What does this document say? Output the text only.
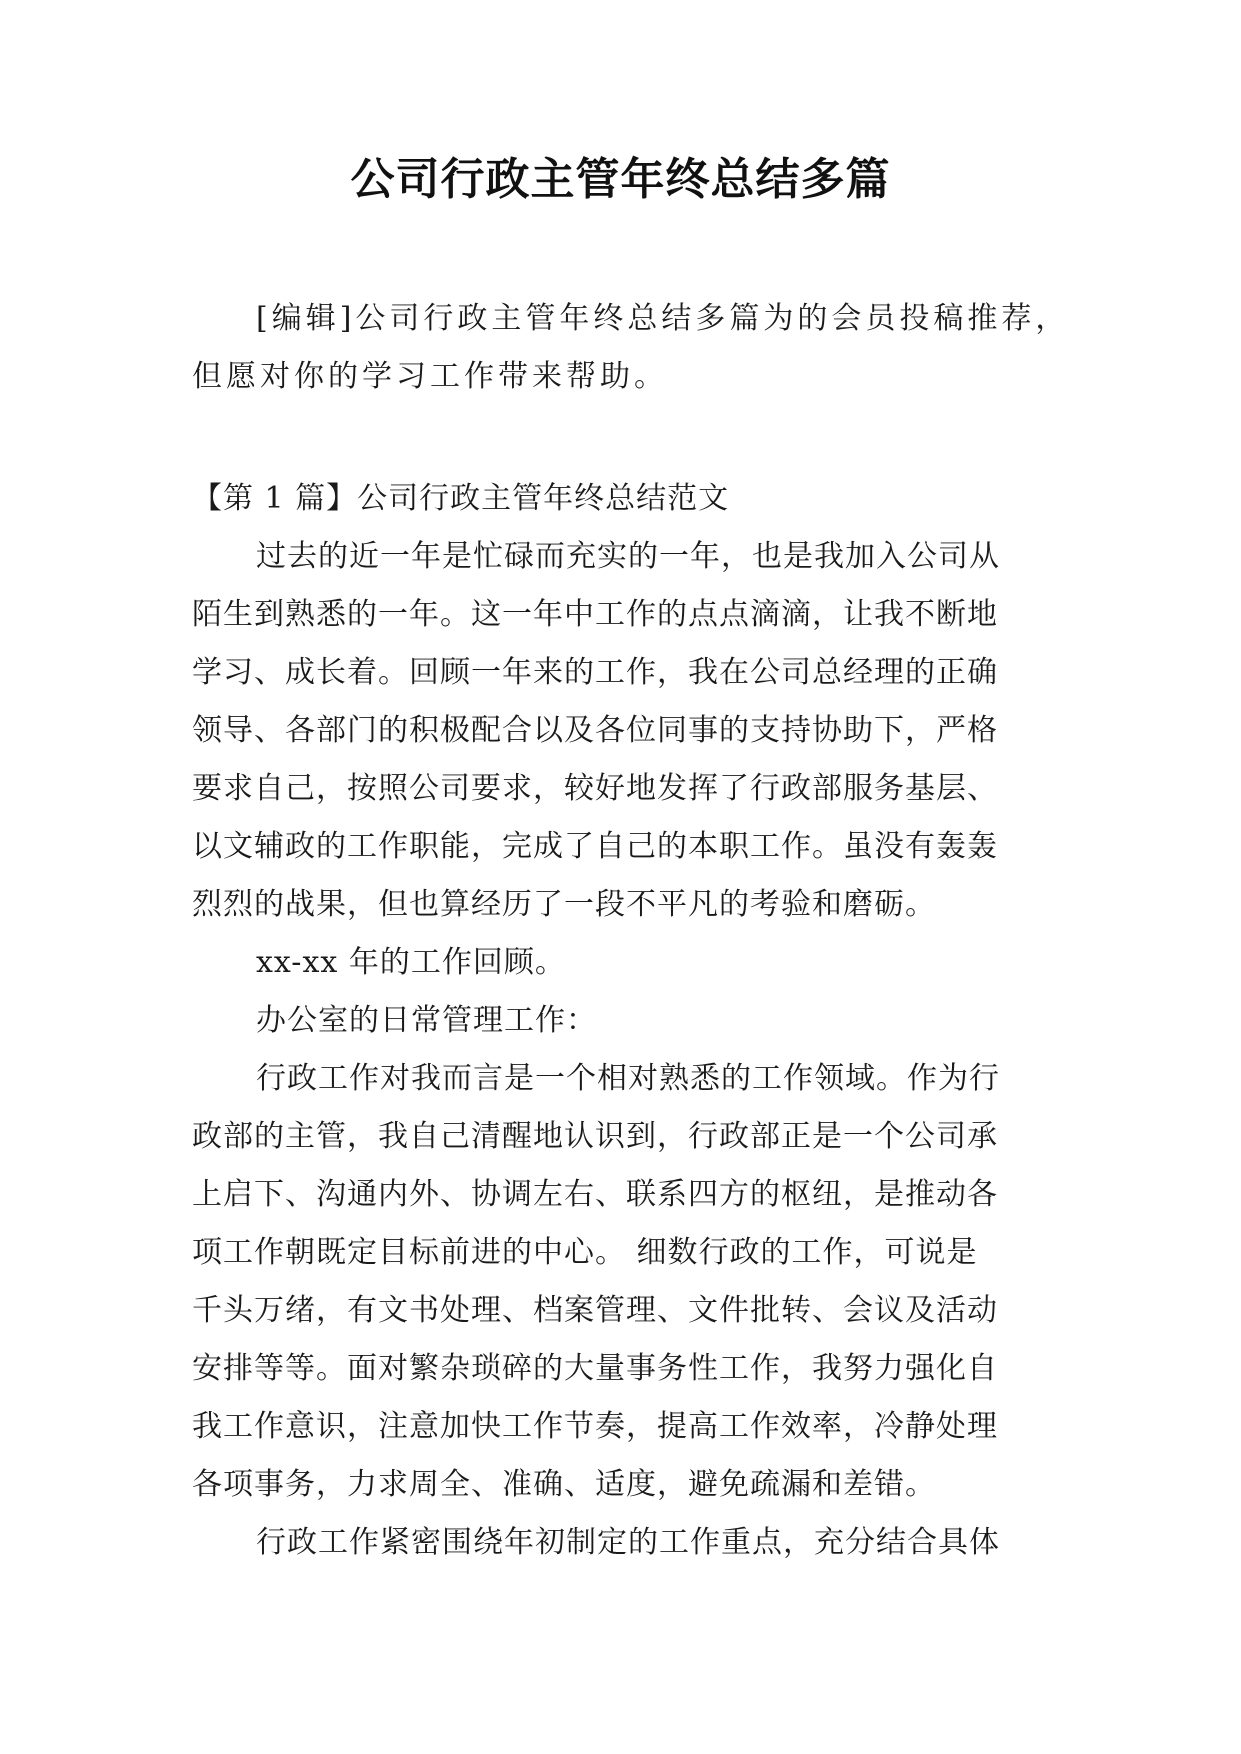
公司行政主管年终总结多篇
[编辑]公司行政主管年终总结多篇为的会员投稿推荐，
但愿对你的学习工作带来帮助。
【第 1 篇】公司行政主管年终总结范文
过去的近一年是忙碌而充实的一年，也是我加入公司从
陌生到熟悉的一年。这一年中工作的点点滴滴，让我不断地
学习、成长着。回顾一年来的工作，我在公司总经理的正确
领导、各部门的积极配合以及各位同事的支持协助下，严格
要求自己，按照公司要求，较好地发挥了行政部服务基层、
以文辅政的工作职能，完成了自己的本职工作。虽没有轰轰
烈烈的战果，但也算经历了一段不平凡的考验和磨砺。
xx-xx 年的工作回顾。
办公室的日常管理工作：
行政工作对我而言是一个相对熟悉的工作领域。作为行
政部的主管，我自己清醒地认识到，行政部正是一个公司承
上启下、沟通内外、协调左右、联系四方的枢纽，是推动各
项工作朝既定目标前进的中心。 细数行政的工作，可说是
千头万绪，有文书处理、档案管理、文件批转、会议及活动
安排等等。面对繁杂琐碎的大量事务性工作，我努力强化自
我工作意识，注意加快工作节奏，提高工作效率，冷静处理
各项事务，力求周全、准确、适度，避免疏漏和差错。
行政工作紧密围绕年初制定的工作重点，充分结合具体
